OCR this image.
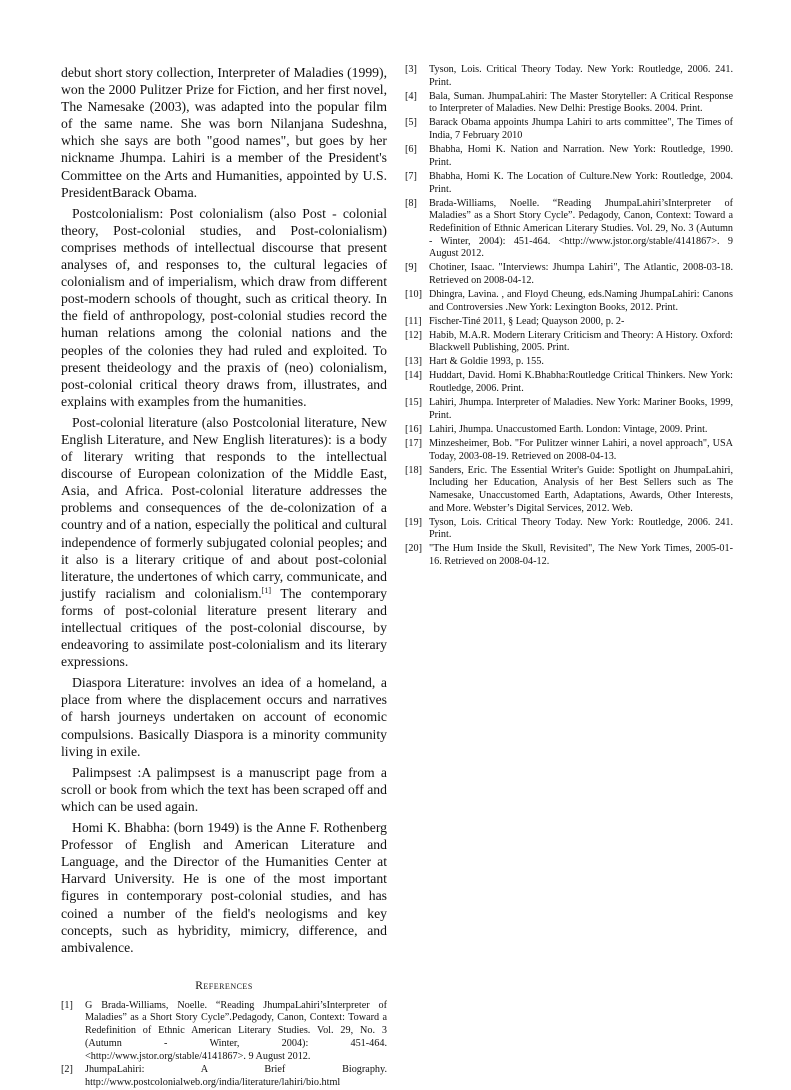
debut short story collection, Interpreter of Maladies (1999), won the 2000 Pulitzer Prize for Fiction, and her first novel, The Namesake (2003), was adapted into the popular film of the same name. She was born Nilanjana Sudeshna, which she says are both "good names", but goes by her nickname Jhumpa. Lahiri is a member of the President's Committee on the Arts and Humanities, appointed by U.S. PresidentBarack Obama.

Postcolonialism: Post colonialism (also Post - colonial theory, Post-colonial studies, and Post-colonialism) comprises methods of intellectual discourse that present analyses of, and responses to, the cultural legacies of colonialism and of imperialism, which draw from different post-modern schools of thought, such as critical theory. In the field of anthropology, post-colonial studies record the human relations among the colonial nations and the peoples of the colonies they had ruled and exploited. To present theideology and the praxis of (neo) colonialism, post-colonial critical theory draws from, illustrates, and explains with examples from the humanities.

Post-colonial literature (also Postcolonial literature, New English Literature, and New English literatures): is a body of literary writing that responds to the intellectual discourse of European colonization of the Middle East, Asia, and Africa. Post-colonial literature addresses the problems and consequences of the de-colonization of a country and of a nation, especially the political and cultural independence of formerly subjugated colonial peoples; and it also is a literary critique of and about post-colonial literature, the undertones of which carry, communicate, and justify racialism and colonialism.[1] The contemporary forms of post-colonial literature present literary and intellectual critiques of the post-colonial discourse, by endeavoring to assimilate post-colonialism and its literary expressions.

Diaspora Literature: involves an idea of a homeland, a place from where the displacement occurs and narratives of harsh journeys undertaken on account of economic compulsions. Basically Diaspora is a minority community living in exile.

Palimpsest :A palimpsest is a manuscript page from a scroll or book from which the text has been scraped off and which can be used again.

Homi K. Bhabha: (born 1949) is the Anne F. Rothenberg Professor of English and American Literature and Language, and the Director of the Humanities Center at Harvard University. He is one of the most important figures in contemporary post-colonial studies, and has coined a number of the field's neologisms and key concepts, such as hybridity, mimicry, difference, and ambivalence.

References
[1]	G Brada-Williams, Noelle. “Reading JhumpaLahiri’sInterpreter of Maladies” as a Short Story Cycle”.Pedagody, Canon, Context: Toward a Redefinition of Ethnic American Literary Studies. Vol. 29, No. 3 (Autumn - Winter, 2004): 451-464.<http://www.jstor.org/stable/4141867>. 9 August 2012.
[2]	JhumpaLahiri: A Brief Biography. http://www.postcolonialweb.org/india/literature/lahiri/bio.html
[3]	Tyson, Lois. Critical Theory Today. New York: Routledge, 2006. 241. Print.
[4]	Bala, Suman. JhumpaLahiri: The Master Storyteller: A Critical Response to Interpreter of Maladies. New Delhi: Prestige Books. 2004. Print.
[5]	Barack Obama appoints Jhumpa Lahiri to arts committee", The Times of India, 7 February 2010
[6]	Bhabha, Homi K. Nation and Narration. New York: Routledge, 1990. Print.
[7]	Bhabha, Homi K. The Location of Culture.New York: Routledge, 2004. Print.
[8]	Brada-Williams, Noelle. “Reading JhumpaLahiri’sInterpreter of Maladies” as a Short Story Cycle”. Pedagody, Canon, Context: Toward a Redefinition of Ethnic American Literary Studies. Vol. 29, No. 3 (Autumn - Winter, 2004): 451-464. <http://www.jstor.org/stable/4141867>. 9 August 2012.
[9]	Chotiner, Isaac. "Interviews: Jhumpa Lahiri", The Atlantic, 2008-03-18. Retrieved on 2008-04-12.
[10] Dhingra, Lavina. , and Floyd Cheung, eds.Naming JhumpaLahiri: Canons and Controversies .New York: Lexington Books, 2012. Print.
[11] Fischer-Tiné 2011, § Lead; Quayson 2000, p. 2-
[12] Habib, M.A.R. Modern Literary Criticism and Theory: A History. Oxford: Blackwell Publishing, 2005. Print.
[13] Hart & Goldie 1993, p. 155.
[14] Huddart, David. Homi K.Bhabha:Routledge Critical Thinkers. New York: Routledge, 2006. Print.
[15] Lahiri, Jhumpa. Interpreter of Maladies. New York: Mariner Books, 1999, Print.
[16] Lahiri, Jhumpa. Unaccustomed Earth. London: Vintage, 2009. Print.
[17] Minzesheimer, Bob. "For Pulitzer winner Lahiri, a novel approach", USA Today, 2003-08-19. Retrieved on 2008-04-13.
[18] Sanders, Eric. The Essential Writer's Guide: Spotlight on JhumpaLahiri, Including her Education, Analysis of her Best Sellers such as The Namesake, Unaccustomed Earth, Adaptations, Awards, Other Interests, and More. Webster’s Digital Services, 2012. Web.
[19] Tyson, Lois. Critical Theory Today. New York: Routledge, 2006. 241. Print.
[20] "The Hum Inside the Skull, Revisited", The New York Times, 2005-01-16. Retrieved on 2008-04-12.
